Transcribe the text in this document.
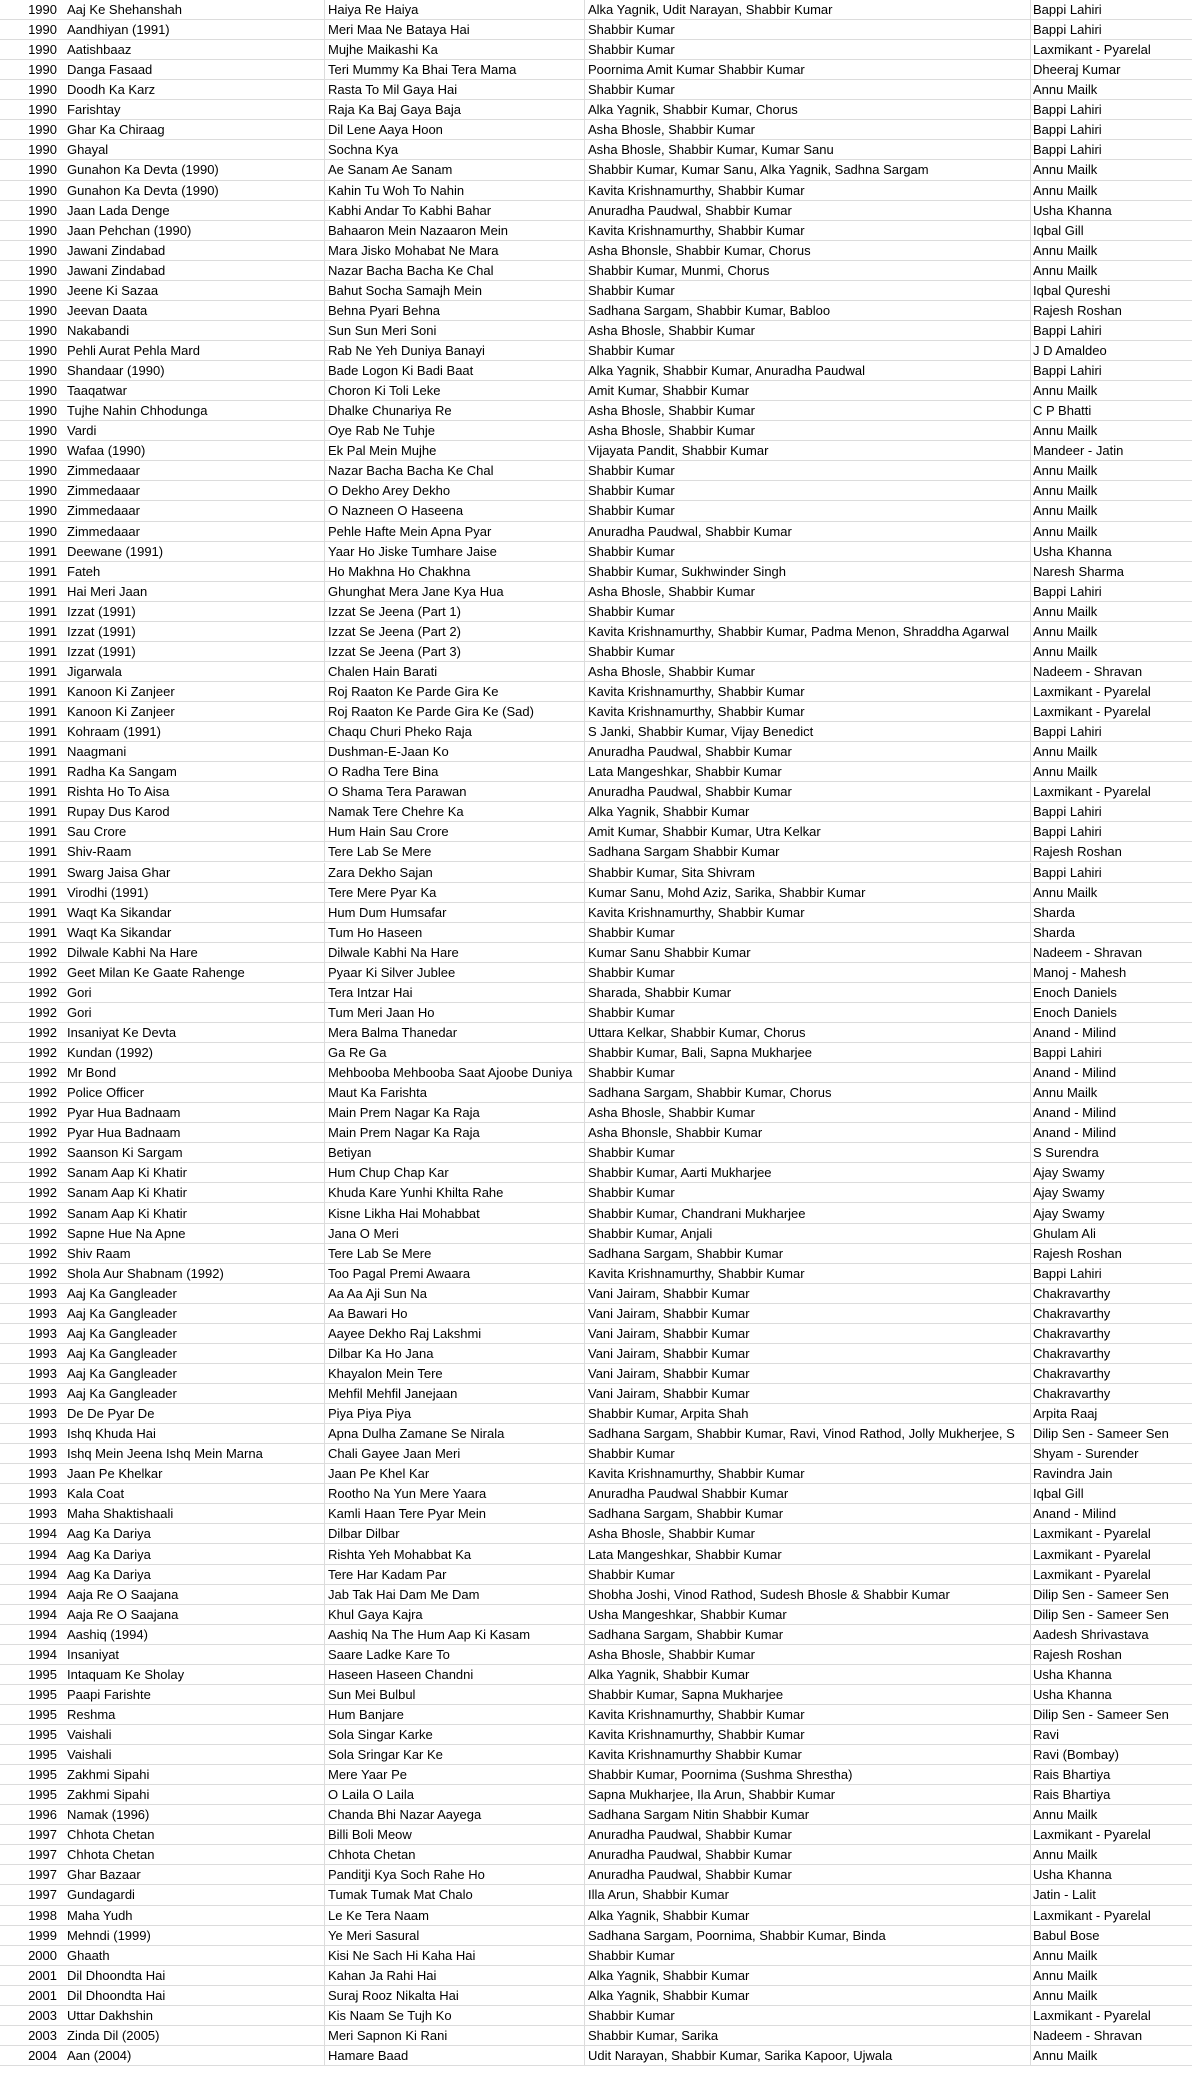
1990 Aaj Ke Shehanshah	Haiya Re Haiya	Alka Yagnik, Udit Narayan, Shabbir Kumar	Bappi Lahiri
1990 Aandhiyan (1991)	Meri Maa Ne Bataya Hai	Shabbir Kumar	Bappi Lahiri
1990 Aatishbaaz	Mujhe Maikashi Ka	Shabbir Kumar	Laxmikant - Pyarelal
1990 Danga Fasaad	Teri Mummy Ka Bhai Tera Mama	Poornima Amit Kumar Shabbir Kumar	Dheeraj Kumar
1990 Doodh Ka Karz	Rasta To Mil Gaya Hai	Shabbir Kumar	Annu Mailk
1990 Farishtay	Raja Ka Baj Gaya Baja	Alka Yagnik, Shabbir Kumar, Chorus	Bappi Lahiri
1990 Ghar Ka Chiraag	Dil Lene Aaya Hoon	Asha Bhosle, Shabbir Kumar	Bappi Lahiri
1990 Ghayal	Sochna Kya	Asha Bhosle, Shabbir Kumar, Kumar Sanu	Bappi Lahiri
1990 Gunahon Ka Devta (1990)	Ae Sanam Ae Sanam	Shabbir Kumar, Kumar Sanu, Alka Yagnik, Sadhna Sargam	Annu Mailk
1990 Gunahon Ka Devta (1990)	Kahin Tu Woh To Nahin	Kavita Krishnamurthy, Shabbir Kumar	Annu Mailk
1990 Jaan Lada Denge	Kabhi Andar To Kabhi Bahar	Anuradha Paudwal, Shabbir Kumar	Usha Khanna
1990 Jaan Pehchan (1990)	Bahaaron Mein Nazaaron Mein	Kavita Krishnamurthy, Shabbir Kumar	Iqbal Gill
1990 Jawani Zindabad	Mara Jisko Mohabat Ne Mara	Asha Bhonsle, Shabbir Kumar, Chorus	Annu Mailk
1990 Jawani Zindabad	Nazar Bacha Bacha Ke Chal	Shabbir Kumar, Munmi, Chorus	Annu Mailk
1990 Jeene Ki Sazaa	Bahut Socha Samajh Mein	Shabbir Kumar	Iqbal Qureshi
1990 Jeevan Daata	Behna Pyari Behna	Sadhana Sargam, Shabbir Kumar, Babloo	Rajesh Roshan
1990 Nakabandi	Sun Sun Meri Soni	Asha Bhosle, Shabbir Kumar	Bappi Lahiri
1990 Pehli Aurat Pehla Mard	Rab Ne Yeh Duniya Banayi	Shabbir Kumar	J D Amaldeo
1990 Shandaar (1990)	Bade Logon Ki Badi Baat	Alka Yagnik, Shabbir Kumar, Anuradha Paudwal	Bappi Lahiri
1990 Taaqatwar	Choron Ki Toli Leke	Amit Kumar, Shabbir Kumar	Annu Mailk
1990 Tujhe Nahin Chhodunga	Dhalke Chunariya Re	Asha Bhosle, Shabbir Kumar	C P Bhatti
1990 Vardi	Oye Rab Ne Tuhje	Asha Bhosle, Shabbir Kumar	Annu Mailk
1990 Wafaa (1990)	Ek Pal Mein Mujhe	Vijayata Pandit, Shabbir Kumar	Mandeer - Jatin
1990 Zimmedaaar	Nazar Bacha Bacha Ke Chal	Shabbir Kumar	Annu Mailk
1990 Zimmedaaar	O Dekho Arey Dekho	Shabbir Kumar	Annu Mailk
1990 Zimmedaaar	O Nazneen O Haseena	Shabbir Kumar	Annu Mailk
1990 Zimmedaaar	Pehle Hafte Mein Apna Pyar	Anuradha Paudwal, Shabbir Kumar	Annu Mailk
1991 Deewane (1991)	Yaar Ho Jiske Tumhare Jaise	Shabbir Kumar	Usha Khanna
1991 Fateh	Ho Makhna Ho Chakhna	Shabbir Kumar, Sukhwinder Singh	Naresh Sharma
1991 Hai Meri Jaan	Ghunghat Mera Jane Kya Hua	Asha Bhosle, Shabbir Kumar	Bappi Lahiri
1991 Izzat (1991)	Izzat Se Jeena (Part 1)	Shabbir Kumar	Annu Mailk
1991 Izzat (1991)	Izzat Se Jeena (Part 2)	Kavita Krishnamurthy, Shabbir Kumar, Padma Menon, Shraddha Agarwal	Annu Mailk
1991 Izzat (1991)	Izzat Se Jeena (Part 3)	Shabbir Kumar	Annu Mailk
1991 Jigarwala	Chalen Hain Barati	Asha Bhosle, Shabbir Kumar	Nadeem - Shravan
1991 Kanoon Ki Zanjeer	Roj Raaton Ke Parde Gira Ke	Kavita Krishnamurthy, Shabbir Kumar	Laxmikant - Pyarelal
1991 Kanoon Ki Zanjeer	Roj Raaton Ke Parde Gira Ke (Sad)	Kavita Krishnamurthy, Shabbir Kumar	Laxmikant - Pyarelal
1991 Kohraam (1991)	Chaqu Churi Pheko Raja	S Janki, Shabbir Kumar, Vijay Benedict	Bappi Lahiri
1991 Naagmani	Dushman-E-Jaan Ko	Anuradha Paudwal, Shabbir Kumar	Annu Mailk
1991 Radha Ka Sangam	O Radha Tere Bina	Lata Mangeshkar, Shabbir Kumar	Annu Mailk
1991 Rishta Ho To Aisa	O Shama Tera Parawan	Anuradha Paudwal, Shabbir Kumar	Laxmikant - Pyarelal
1991 Rupay Dus Karod	Namak Tere Chehre Ka	Alka Yagnik, Shabbir Kumar	Bappi Lahiri
1991 Sau Crore	Hum Hain Sau Crore	Amit Kumar, Shabbir Kumar, Utra Kelkar	Bappi Lahiri
1991 Shiv-Raam	Tere Lab Se Mere	Sadhana Sargam Shabbir Kumar	Rajesh Roshan
1991 Swarg Jaisa Ghar	Zara Dekho Sajan	Shabbir Kumar, Sita Shivram	Bappi Lahiri
1991 Virodhi (1991)	Tere Mere Pyar Ka	Kumar Sanu, Mohd Aziz, Sarika, Shabbir Kumar	Annu Mailk
1991 Waqt Ka Sikandar	Hum Dum Humsafar	Kavita Krishnamurthy, Shabbir Kumar	Sharda
1991 Waqt Ka Sikandar	Tum Ho Haseen	Shabbir Kumar	Sharda
1992 Dilwale Kabhi Na Hare	Dilwale Kabhi Na Hare	Kumar Sanu Shabbir Kumar	Nadeem - Shravan
1992 Geet Milan Ke Gaate Rahenge	Pyaar Ki Silver Jublee	Shabbir Kumar	Manoj - Mahesh
1992 Gori	Tera Intzar Hai	Sharada, Shabbir Kumar	Enoch Daniels
1992 Gori	Tum Meri Jaan Ho	Shabbir Kumar	Enoch Daniels
1992 Insaniyat Ke Devta	Mera Balma Thanedar	Uttara Kelkar, Shabbir Kumar, Chorus	Anand - Milind
1992 Kundan (1992)	Ga Re Ga	Shabbir Kumar, Bali, Sapna Mukharjee	Bappi Lahiri
1992 Mr Bond	Mehbooba Mehbooba Saat Ajoobe Duniya	Shabbir Kumar	Anand - Milind
1992 Police Officer	Maut Ka Farishta	Sadhana Sargam, Shabbir Kumar, Chorus	Annu Mailk
1992 Pyar Hua Badnaam	Main Prem Nagar Ka Raja	Asha Bhosle, Shabbir Kumar	Anand - Milind
1992 Pyar Hua Badnaam	Main Prem Nagar Ka Raja	Asha Bhonsle, Shabbir Kumar	Anand - Milind
1992 Saanson Ki Sargam	Betiyan	Shabbir Kumar	S Surendra
1992 Sanam Aap Ki Khatir	Hum Chup Chap Kar	Shabbir Kumar, Aarti Mukharjee	Ajay Swamy
1992 Sanam Aap Ki Khatir	Khuda Kare Yunhi Khilta Rahe	Shabbir Kumar	Ajay Swamy
1992 Sanam Aap Ki Khatir	Kisne Likha Hai Mohabbat	Shabbir Kumar, Chandrani Mukharjee	Ajay Swamy
1992 Sapne Hue Na Apne	Jana O Meri	Shabbir Kumar, Anjali	Ghulam Ali
1992 Shiv Raam	Tere Lab Se Mere	Sadhana Sargam, Shabbir Kumar	Rajesh Roshan
1992 Shola Aur Shabnam (1992)	Too Pagal Premi Awaara	Kavita Krishnamurthy, Shabbir Kumar	Bappi Lahiri
1993 Aaj Ka Gangleader	Aa Aa Aji Sun Na	Vani Jairam, Shabbir Kumar	Chakravarthy
1993 Aaj Ka Gangleader	Aa Bawari Ho	Vani Jairam, Shabbir Kumar	Chakravarthy
1993 Aaj Ka Gangleader	Aayee Dekho Raj Lakshmi	Vani Jairam, Shabbir Kumar	Chakravarthy
1993 Aaj Ka Gangleader	Dilbar Ka Ho Jana	Vani Jairam, Shabbir Kumar	Chakravarthy
1993 Aaj Ka Gangleader	Khayalon Mein Tere	Vani Jairam, Shabbir Kumar	Chakravarthy
1993 Aaj Ka Gangleader	Mehfil Mehfil Janejaan	Vani Jairam, Shabbir Kumar	Chakravarthy
1993 De De Pyar De	Piya Piya Piya	Shabbir Kumar, Arpita Shah	Arpita Raaj
1993 Ishq Khuda Hai	Apna Dulha Zamane Se Nirala	Sadhana Sargam, Shabbir Kumar, Ravi, Vinod Rathod, Jolly Mukherjee, S	Dilip Sen - Sameer Sen
1993 Ishq Mein Jeena Ishq Mein Marna	Chali Gayee Jaan Meri	Shabbir Kumar	Shyam - Surender
1993 Jaan Pe Khelkar	Jaan Pe Khel Kar	Kavita Krishnamurthy, Shabbir Kumar	Ravindra Jain
1993 Kala Coat	Rootho Na Yun Mere Yaara	Anuradha Paudwal Shabbir Kumar	Iqbal Gill
1993 Maha Shaktishaali	Kamli Haan Tere Pyar Mein	Sadhana Sargam, Shabbir Kumar	Anand - Milind
1994 Aag Ka Dariya	Dilbar Dilbar	Asha Bhosle, Shabbir Kumar	Laxmikant - Pyarelal
1994 Aag Ka Dariya	Rishta Yeh Mohabbat Ka	Lata Mangeshkar, Shabbir Kumar	Laxmikant - Pyarelal
1994 Aag Ka Dariya	Tere Har Kadam Par	Shabbir Kumar	Laxmikant - Pyarelal
1994 Aaja Re O Saajana	Jab Tak Hai Dam Me Dam	Shobha Joshi, Vinod Rathod, Sudesh Bhosle & Shabbir Kumar	Dilip Sen - Sameer Sen
1994 Aaja Re O Saajana	Khul Gaya Kajra	Usha Mangeshkar, Shabbir Kumar	Dilip Sen - Sameer Sen
1994 Aashiq (1994)	Aashiq Na The Hum Aap Ki Kasam	Sadhana Sargam, Shabbir Kumar	Aadesh Shrivastava
1994 Insaniyat	Saare Ladke Kare To	Asha Bhosle, Shabbir Kumar	Rajesh Roshan
1995 Intaquam Ke Sholay	Haseen Haseen Chandni	Alka Yagnik, Shabbir Kumar	Usha Khanna
1995 Paapi Farishte	Sun Mei Bulbul	Shabbir Kumar, Sapna Mukharjee	Usha Khanna
1995 Reshma	Hum Banjare	Kavita Krishnamurthy, Shabbir Kumar	Dilip Sen - Sameer Sen
1995 Vaishali	Sola Singar Karke	Kavita Krishnamurthy, Shabbir Kumar	Ravi
1995 Vaishali	Sola Sringar Kar Ke	Kavita Krishnamurthy Shabbir Kumar	Ravi (Bombay)
1995 Zakhmi Sipahi	Mere Yaar Pe	Shabbir Kumar, Poornima (Sushma Shrestha)	Rais Bhartiya
1995 Zakhmi Sipahi	O Laila O Laila	Sapna Mukharjee, Ila Arun, Shabbir Kumar	Rais Bhartiya
1996 Namak (1996)	Chanda Bhi Nazar Aayega	Sadhana Sargam Nitin Shabbir Kumar	Annu Mailk
1997 Chhota Chetan	Billi Boli Meow	Anuradha Paudwal, Shabbir Kumar	Laxmikant - Pyarelal
1997 Chhota Chetan	Chhota Chetan	Anuradha Paudwal, Shabbir Kumar	Annu Mailk
1997 Ghar Bazaar	Panditji Kya Soch Rahe Ho	Anuradha Paudwal, Shabbir Kumar	Usha Khanna
1997 Gundagardi	Tumak Tumak Mat Chalo	Illa Arun, Shabbir Kumar	Jatin - Lalit
1998 Maha Yudh	Le Ke Tera Naam	Alka Yagnik, Shabbir Kumar	Laxmikant - Pyarelal
1999 Mehndi (1999)	Ye Meri Sasural	Sadhana Sargam, Poornima, Shabbir Kumar, Binda	Babul Bose
2000 Ghaath	Kisi Ne Sach Hi Kaha Hai	Shabbir Kumar	Annu Mailk
2001 Dil Dhoondta Hai	Kahan Ja Rahi Hai	Alka Yagnik, Shabbir Kumar	Annu Mailk
2001 Dil Dhoondta Hai	Suraj Rooz Nikalta Hai	Alka Yagnik, Shabbir Kumar	Annu Mailk
2003 Uttar Dakhshin	Kis Naam Se Tujh Ko	Shabbir Kumar	Laxmikant - Pyarelal
2003 Zinda Dil (2005)	Meri Sapnon Ki Rani	Shabbir Kumar, Sarika	Nadeem - Shravan
2004 Aan (2004)	Hamare Baad	Udit Narayan, Shabbir Kumar, Sarika Kapoor, Ujwala	Annu Mailk
